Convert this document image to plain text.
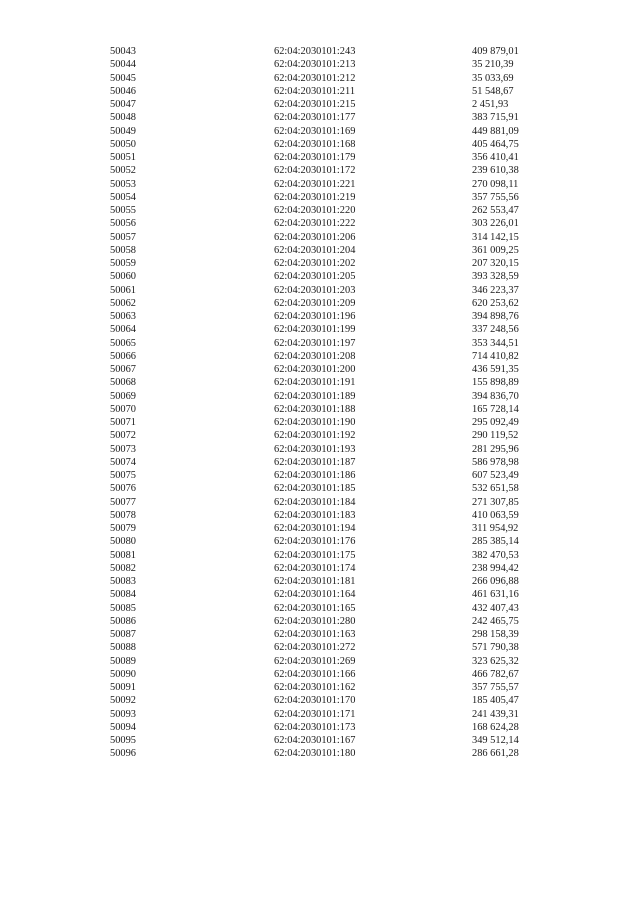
50043	62:04:2030101:243	409 879,01
50044	62:04:2030101:213	35 210,39
50045	62:04:2030101:212	35 033,69
50046	62:04:2030101:211	51 548,67
50047	62:04:2030101:215	2 451,93
50048	62:04:2030101:177	383 715,91
50049	62:04:2030101:169	449 881,09
50050	62:04:2030101:168	405 464,75
50051	62:04:2030101:179	356 410,41
50052	62:04:2030101:172	239 610,38
50053	62:04:2030101:221	270 098,11
50054	62:04:2030101:219	357 755,56
50055	62:04:2030101:220	262 553,47
50056	62:04:2030101:222	303 226,01
50057	62:04:2030101:206	314 142,15
50058	62:04:2030101:204	361 009,25
50059	62:04:2030101:202	207 320,15
50060	62:04:2030101:205	393 328,59
50061	62:04:2030101:203	346 223,37
50062	62:04:2030101:209	620 253,62
50063	62:04:2030101:196	394 898,76
50064	62:04:2030101:199	337 248,56
50065	62:04:2030101:197	353 344,51
50066	62:04:2030101:208	714 410,82
50067	62:04:2030101:200	436 591,35
50068	62:04:2030101:191	155 898,89
50069	62:04:2030101:189	394 836,70
50070	62:04:2030101:188	165 728,14
50071	62:04:2030101:190	295 092,49
50072	62:04:2030101:192	290 119,52
50073	62:04:2030101:193	281 295,96
50074	62:04:2030101:187	586 978,98
50075	62:04:2030101:186	607 523,49
50076	62:04:2030101:185	532 651,58
50077	62:04:2030101:184	271 307,85
50078	62:04:2030101:183	410 063,59
50079	62:04:2030101:194	311 954,92
50080	62:04:2030101:176	285 385,14
50081	62:04:2030101:175	382 470,53
50082	62:04:2030101:174	238 994,42
50083	62:04:2030101:181	266 096,88
50084	62:04:2030101:164	461 631,16
50085	62:04:2030101:165	432 407,43
50086	62:04:2030101:280	242 465,75
50087	62:04:2030101:163	298 158,39
50088	62:04:2030101:272	571 790,38
50089	62:04:2030101:269	323 625,32
50090	62:04:2030101:166	466 782,67
50091	62:04:2030101:162	357 755,57
50092	62:04:2030101:170	185 405,47
50093	62:04:2030101:171	241 439,31
50094	62:04:2030101:173	168 624,28
50095	62:04:2030101:167	349 512,14
50096	62:04:2030101:180	286 661,28
